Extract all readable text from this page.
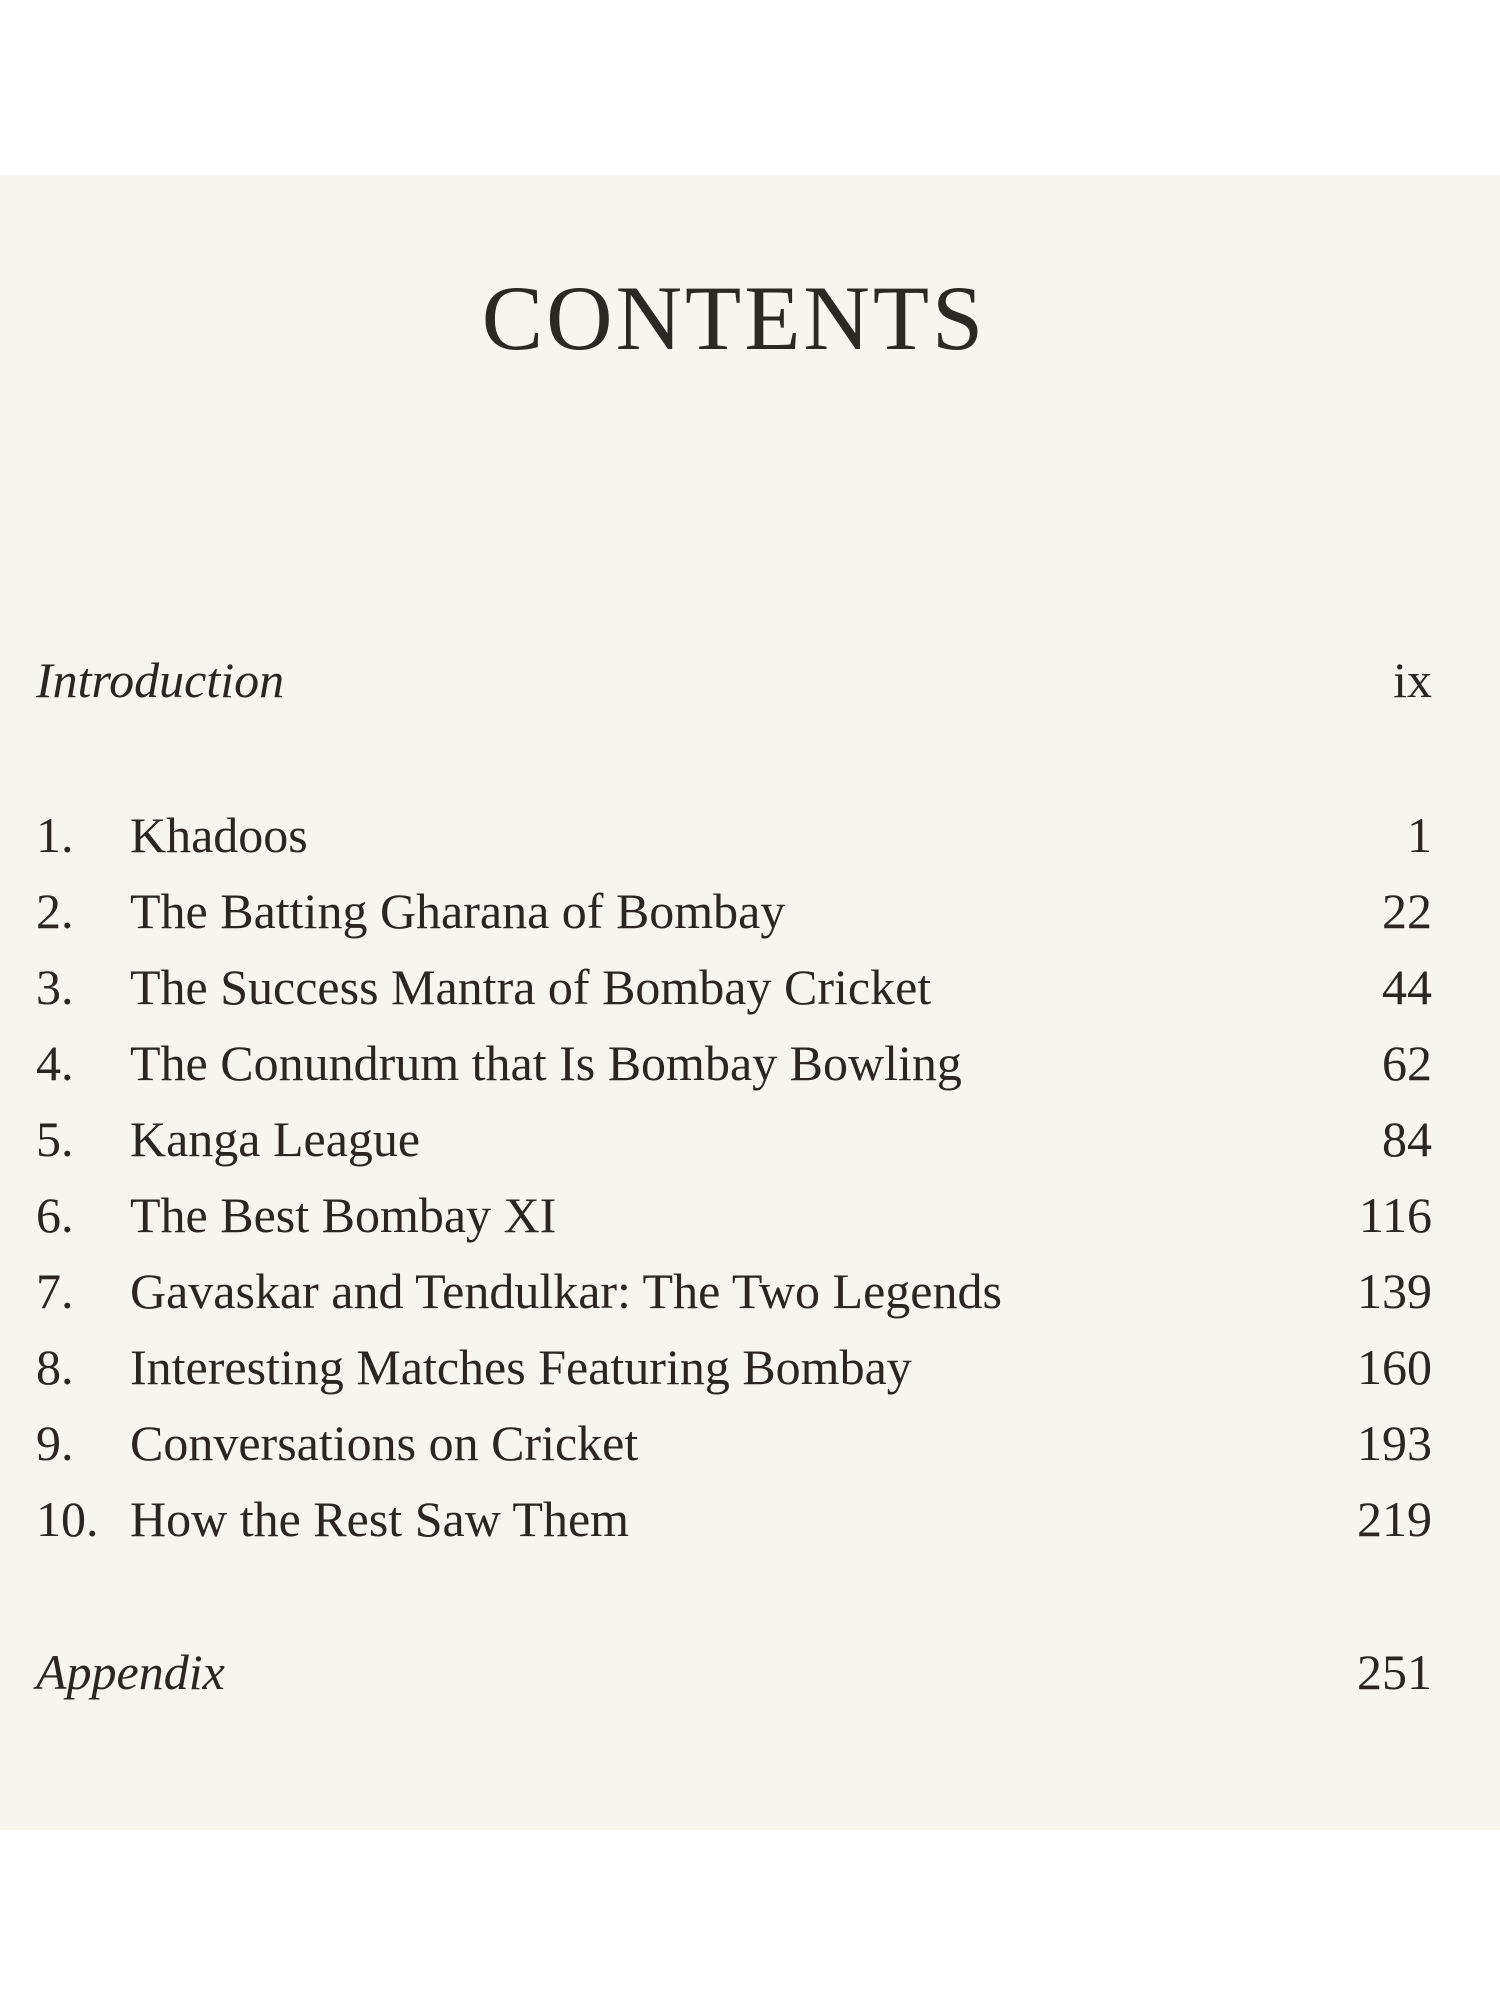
CONTENTS
Introduction	ix
1. Khadoos	1
2. The Batting Gharana of Bombay	22
3. The Success Mantra of Bombay Cricket	44
4. The Conundrum that Is Bombay Bowling	62
5. Kanga League	84
6. The Best Bombay XI	116
7. Gavaskar and Tendulkar: The Two Legends	139
8. Interesting Matches Featuring Bombay	160
9. Conversations on Cricket	193
10. How the Rest Saw Them	219
Appendix	251
